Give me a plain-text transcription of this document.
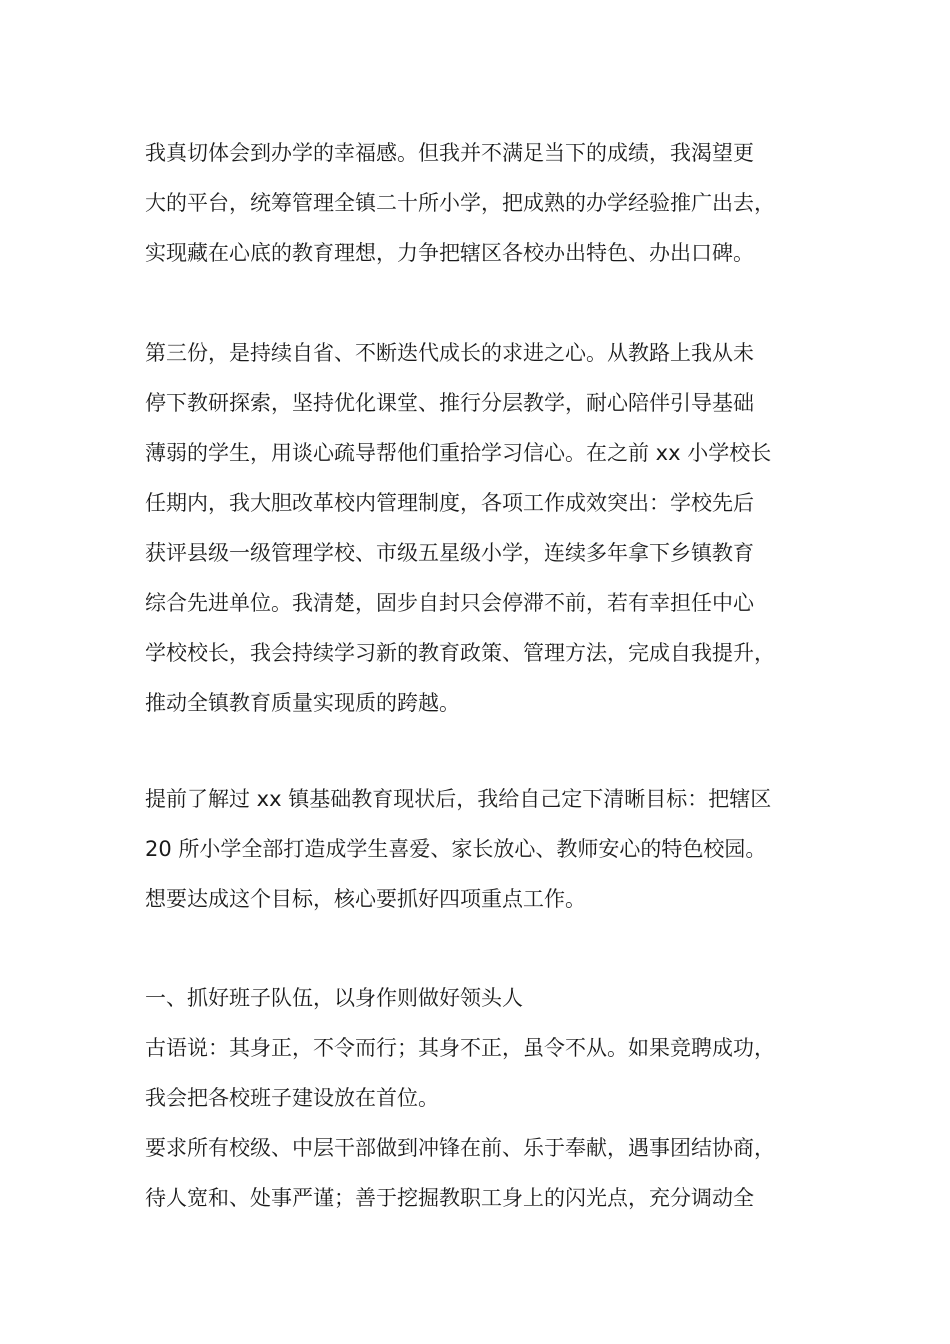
我真切体会到办学的幸福感。但我并不满足当下的成绩，我渴望更
大的平台，统筹管理全镇二十所小学，把成熟的办学经验推广出去，
实现藏在心底的教育理想，力争把辖区各校办出特色、办出口碑。
第三份，是持续自省、不断迭代成长的求进之心。从教路上我从未
停下教研探索，坚持优化课堂、推行分层教学，耐心陪伴引导基础
薄弱的学生，用谈心疏导帮他们重拾学习信心。在之前 xx 小学校长
任期内，我大胆改革校内管理制度，各项工作成效突出：学校先后
获评县级一级管理学校、市级五星级小学，连续多年拿下乡镇教育
综合先进单位。我清楚，固步自封只会停滞不前，若有幸担任中心
学校校长，我会持续学习新的教育政策、管理方法，完成自我提升，
推动全镇教育质量实现质的跨越。
提前了解过 xx 镇基础教育现状后，我给自己定下清晰目标：把辖区
20 所小学全部打造成学生喜爱、家长放心、教师安心的特色校园。
想要达成这个目标，核心要抓好四项重点工作。
一、抓好班子队伍，以身作则做好领头人
古语说：其身正，不令而行；其身不正，虽令不从。如果竞聘成功，
我会把各校班子建设放在首位。
要求所有校级、中层干部做到冲锋在前、乐于奉献，遇事团结协商，
待人宽和、处事严谨；善于挖掘教职工身上的闪光点，充分调动全
